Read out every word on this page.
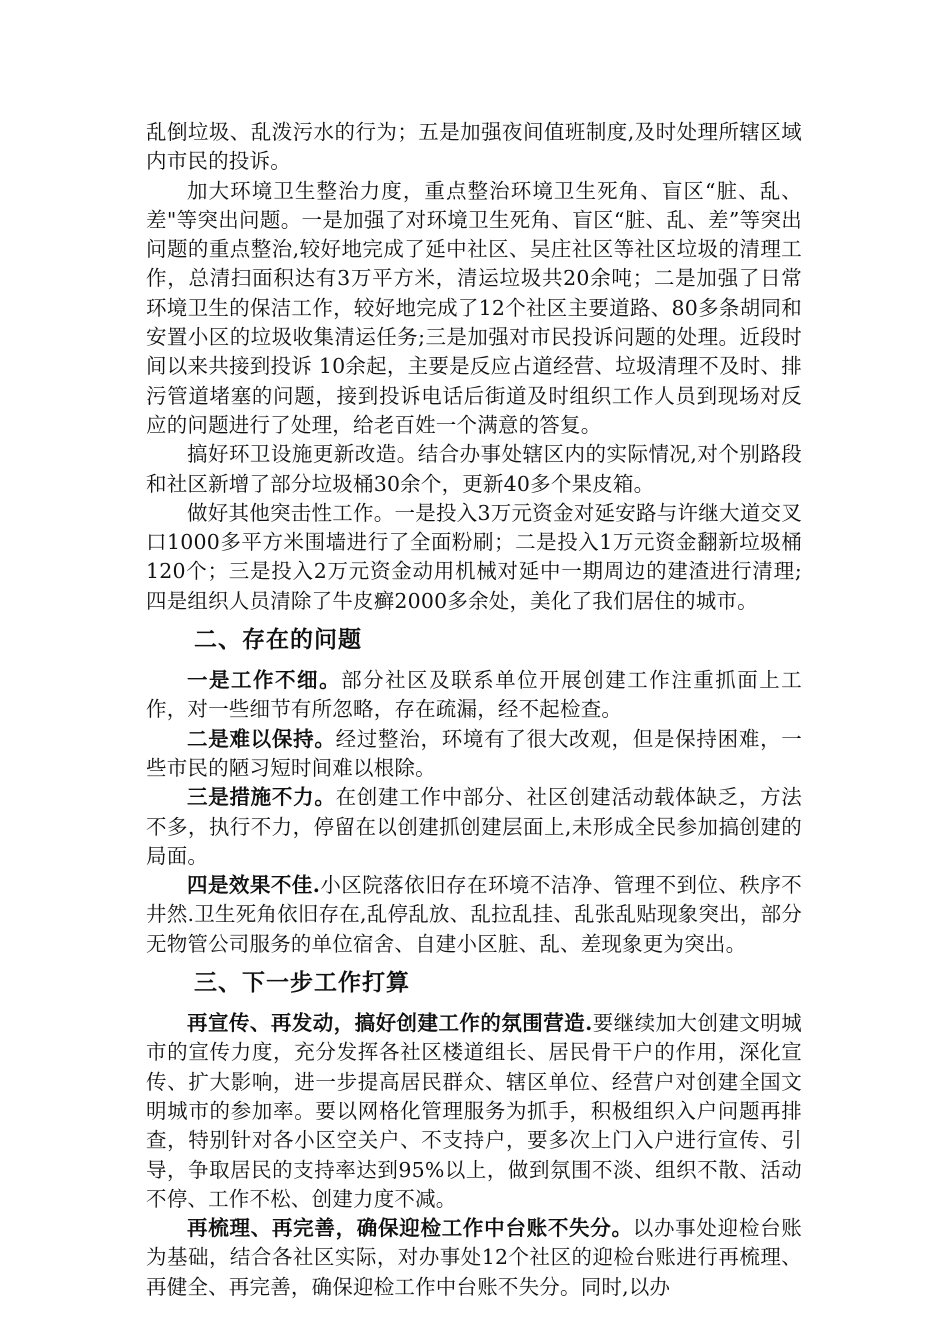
乱倒垃圾、乱泼污水的行为；五是加强夜间值班制度,及时处理所辖区域内市民的投诉。

加大环境卫生整治力度，重点整治环境卫生死角、盲区“脏、乱、差"等突出问题。一是加强了对环境卫生死角、盲区“脏、乱、差”等突出问题的重点整治,较好地完成了延中社区、吴庄社区等社区垃圾的清理工作，总清扫面积达有3万平方米，清运垃圾共20余吨；二是加强了日常环境卫生的保洁工作，较好地完成了12个社区主要道路、80多条胡同和安置小区的垃圾收集清运任务;三是加强对市民投诉问题的处理。近段时间以来共接到投诉 10余起，主要是反应占道经营、垃圾清理不及时、排污管道堵塞的问题，接到投诉电话后街道及时组织工作人员到现场对反应的问题进行了处理，给老百姓一个满意的答复。

搞好环卫设施更新改造。结合办事处辖区内的实际情况,对个别路段和社区新增了部分垃圾桶30余个，更新40多个果皮箱。

做好其他突击性工作。一是投入3万元资金对延安路与许继大道交叉口1000多平方米围墙进行了全面粉刷；二是投入1万元资金翻新垃圾桶120个；三是投入2万元资金动用机械对延中一期周边的建渣进行清理;四是组织人员清除了牛皮癣2000多余处，美化了我们居住的城市。

二、存在的问题

一是工作不细。部分社区及联系单位开展创建工作注重抓面上工作，对一些细节有所忽略，存在疏漏，经不起检查。

二是难以保持。经过整治，环境有了很大改观，但是保持困难，一些市民的陋习短时间难以根除。

三是措施不力。在创建工作中部分、社区创建活动载体缺乏，方法不多，执行不力，停留在以创建抓创建层面上,未形成全民参加搞创建的局面。

四是效果不佳.小区院落依旧存在环境不洁净、管理不到位、秩序不井然.卫生死角依旧存在,乱停乱放、乱拉乱挂、乱张乱贴现象突出，部分无物管公司服务的单位宿舍、自建小区脏、乱、差现象更为突出。

三、下一步工作打算

再宣传、再发动，搞好创建工作的氛围营造.要继续加大创建文明城市的宣传力度，充分发挥各社区楼道组长、居民骨干户的作用，深化宣传、扩大影响，进一步提高居民群众、辖区单位、经营户对创建全国文明城市的参加率。要以网格化管理服务为抓手，积极组织入户问题再排查，特别针对各小区空关户、不支持户，要多次上门入户进行宣传、引导，争取居民的支持率达到95%以上，做到氛围不淡、组织不散、活动不停、工作不松、创建力度不减。

再梳理、再完善，确保迎检工作中台账不失分。以办事处迎检台账为基础，结合各社区实际，对办事处12个社区的迎检台账进行再梳理、再健全、再完善，确保迎检工作中台账不失分。同时,以办
